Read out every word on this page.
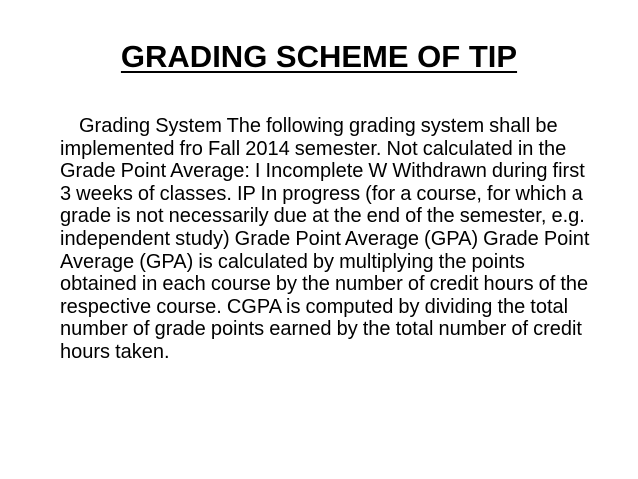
GRADING SCHEME OF TIP
Grading System The following grading system shall be implemented fro Fall 2014 semester. Not calculated in the Grade Point Average: I Incomplete W Withdrawn during first 3 weeks of classes. IP In progress (for a course, for which a grade is not necessarily due at the end of the semester, e.g. independent study) Grade Point Average (GPA) Grade Point Average (GPA) is calculated by multiplying the points obtained in each course by the number of credit hours of the respective course. CGPA is computed by dividing the total number of grade points earned by the total number of credit hours taken.
